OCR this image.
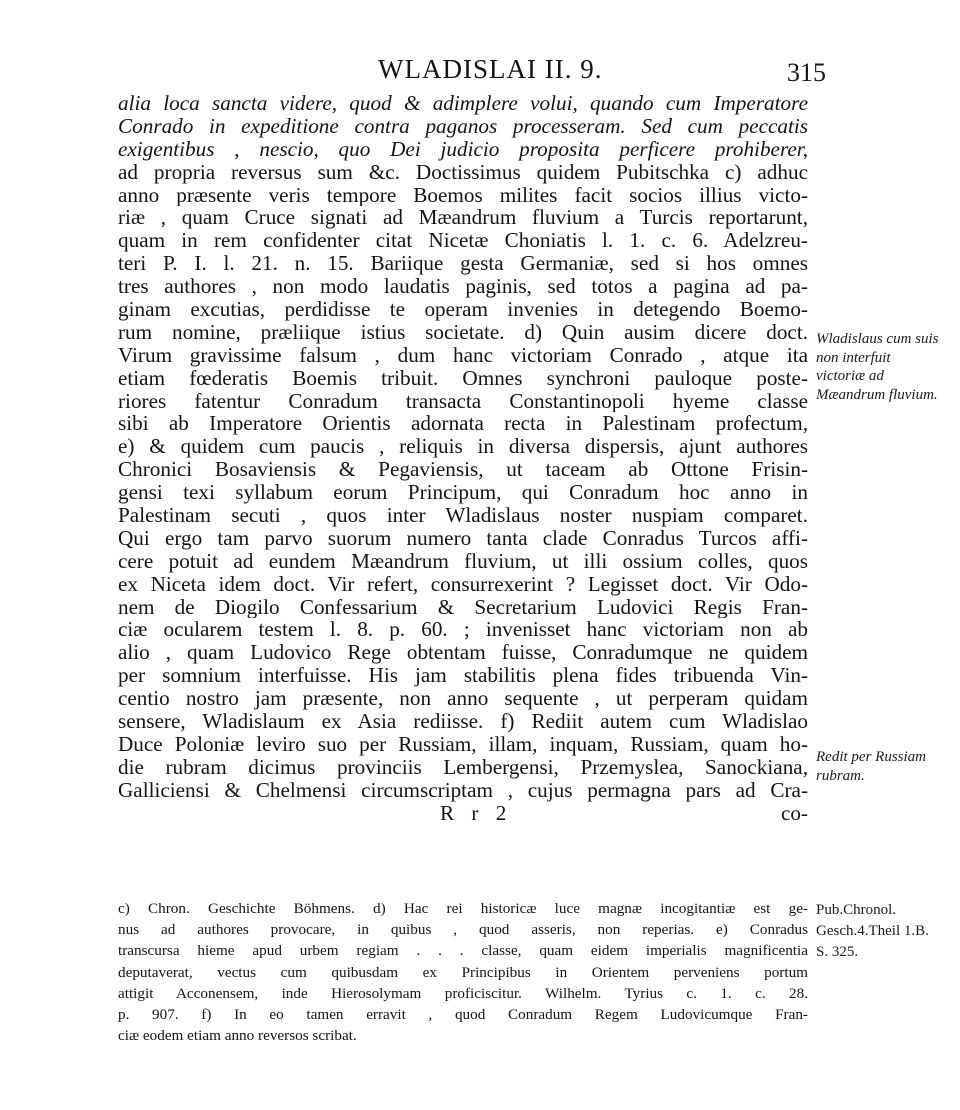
WLADISLAI II. 9.	315
alia loca sancta videre, quod & adimplere volui, quando cum Imperatore
Conrado in expeditione contra paganos processeram. Sed cum peccatis
exigentibus , nescio, quo Dei judicio proposita perficere prohiberer,
ad propria reversus sum &c. Doctissimus quidem Pubitschka c) adhuc
anno præsente veris tempore Boemos milites facit socios illius victo-
riæ , quam Cruce signati ad Mæandrum fluvium a Turcis reportarunt,
quam in rem confidenter citat Nicetæ Choniatis l. 1. c. 6. Adelzreu-
teri P. I. l. 21. n. 15. Bariique gesta Germaniæ, sed si hos omnes
tres authores , non modo laudatis paginis, sed totos a pagina ad pa-
ginam excutias, perdidisse te operam invenies in detegendo Boemo-
rum nomine, præliique istius societate. d) Quin ausim dicere doct.
Virum gravissime falsum , dum hanc victoriam Conrado , atque ita
etiam fœderatis Boemis tribuit. Omnes synchroni pauloque poste-
riores fatentur Conradum transacta Constantinopoli hyeme classe
sibi ab Imperatore Orientis adornata recta in Palestinam profectum,
e) & quidem cum paucis , reliquis in diversa dispersis, ajunt authores
Chronici Bosaviensis & Pegaviensis, ut taceam ab Ottone Frisin-
gensi texi syllabum eorum Principum, qui Conradum hoc anno in
Palestinam secuti , quos inter Wladislaus noster nuspiam comparet.
Qui ergo tam parvo suorum numero tanta clade Conradus Turcos affi-
cere potuit ad eundem Mæandrum fluvium, ut illi ossium colles, quos
ex Niceta idem doct. Vir refert, consurrexerint ? Legisset doct. Vir Odo-
nem de Diogilo Confessarium & Secretarium Ludovici Regis Fran-
ciæ ocularem testem l. 8. p. 60. ; invenisset hanc victoriam non ab
alio , quam Ludovico Rege obtentam fuisse, Conradumque ne quidem
per somnium interfuisse. His jam stabilitis plena fides tribuenda Vin-
centio nostro jam præsente, non anno sequente , ut perperam quidam
sensere, Wladislaum ex Asia rediisse. f) Rediit autem cum Wladislao
Duce Poloniæ leviro suo per Russiam, illam, inquam, Russiam, quam ho-
die rubram dicimus provinciis Lembergensi, Przemyslea, Sanockiana,
Galliciensi & Chelmensi circumscriptam , cujus permagna pars ad Cra-
R r 2	co-
Wladislaus cum suis non interfuit victoriæ ad Mæandrum fluvium.
Redit per Russiam rubram.
c) Chron. Geschichte Böhmens. d) Hac rei historicæ luce magnæ incogitantiæ est ge-
nus ad authores provocare, in quibus , quod asseris, non reperias. e) Conradus
transcursa hieme apud urbem regiam . . . classe, quam eidem imperialis magnificentia
deputaverat, vectus cum quibusdam ex Principibus in Orientem perveniens portum
attigit Acconensem, inde Hierosolymam proficiscitur. Wilhelm. Tyrius c. 1. c. 28.
p. 907. f) In eo tamen erravit , quod Conradum Regem Ludovicumque Fran-
ciæ eodem etiam anno reversos scribat.
Pub.Chronol. Gesch.4.Theil 1.B. S. 325.
